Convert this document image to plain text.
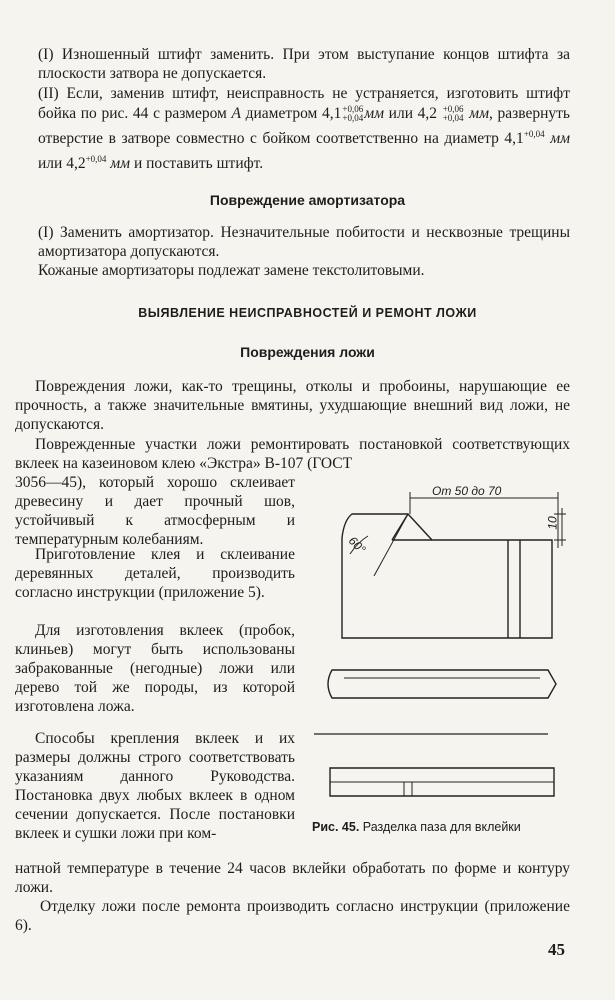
(I) Изношенный штифт заменить. При этом выступание концов штифта за плоскости затвора не допускается.

(II) Если, заменив штифт, неисправность не устраняется, изготовить штифт бойка по рис. 44 с размером А диаметром 4,1 +0,06
+0,04 мм или 4,2 +0,06
+0,04 мм, развернуть отверстие в затворе совместно с бойком соответственно на диаметр $4,1^{+0,04}$ мм или $4,2^{+0,04}$ мм и поставить штифт.

Повреждение амортизатора

(I) Заменить амортизатор. Незначительные побитости и несквозные трещины амортизатора допускаются.

Кожаные амортизаторы подлежат замене текстолитовыми.

ВЫЯВЛЕНИЕ НЕИСПРАВНОСТЕЙ И РЕМОНТ ЛОЖИ
Повреждения ложи

Повреждения ложи, как-то трещины, отколы и пробоины, нарушающие ее прочность, а также значительные вмятины, ухудшающие внешний вид ложи, не допускаются.

Поврежденные участки ложи ремонтировать постановкой соответствующих вклеек на казеиновом клею «Экстра» В-107 (ГОСТ

3056—45), который хорошо склеивает древесину и дает прочный шов, устойчивый к атмосферным и температурным колебаниям.

Приготовление клея и склеивание деревянных деталей, производить согласно инструкции (приложение 5).

Для изготовления вклеек (пробок, клиньев) могут быть использованы забракованные (негодные) ложи или дерево той же породы, из которой изготовлена ложа.

Способы крепления вклеек и их размеры должны строго соответствовать указаниям данного Руководства. Постановка двух любых вклеек в одном сечении допускается. После постановки вклеек и сушки ложи при ком-

натной температуре в течение 24 часов вклейки обработать по форме и контуру ложи.

Отделку ложи после ремонта производить согласно инструкции (приложение 6).

От 50 до 70
10
60°
Рис. 45. Разделка паза для вклейки
45
